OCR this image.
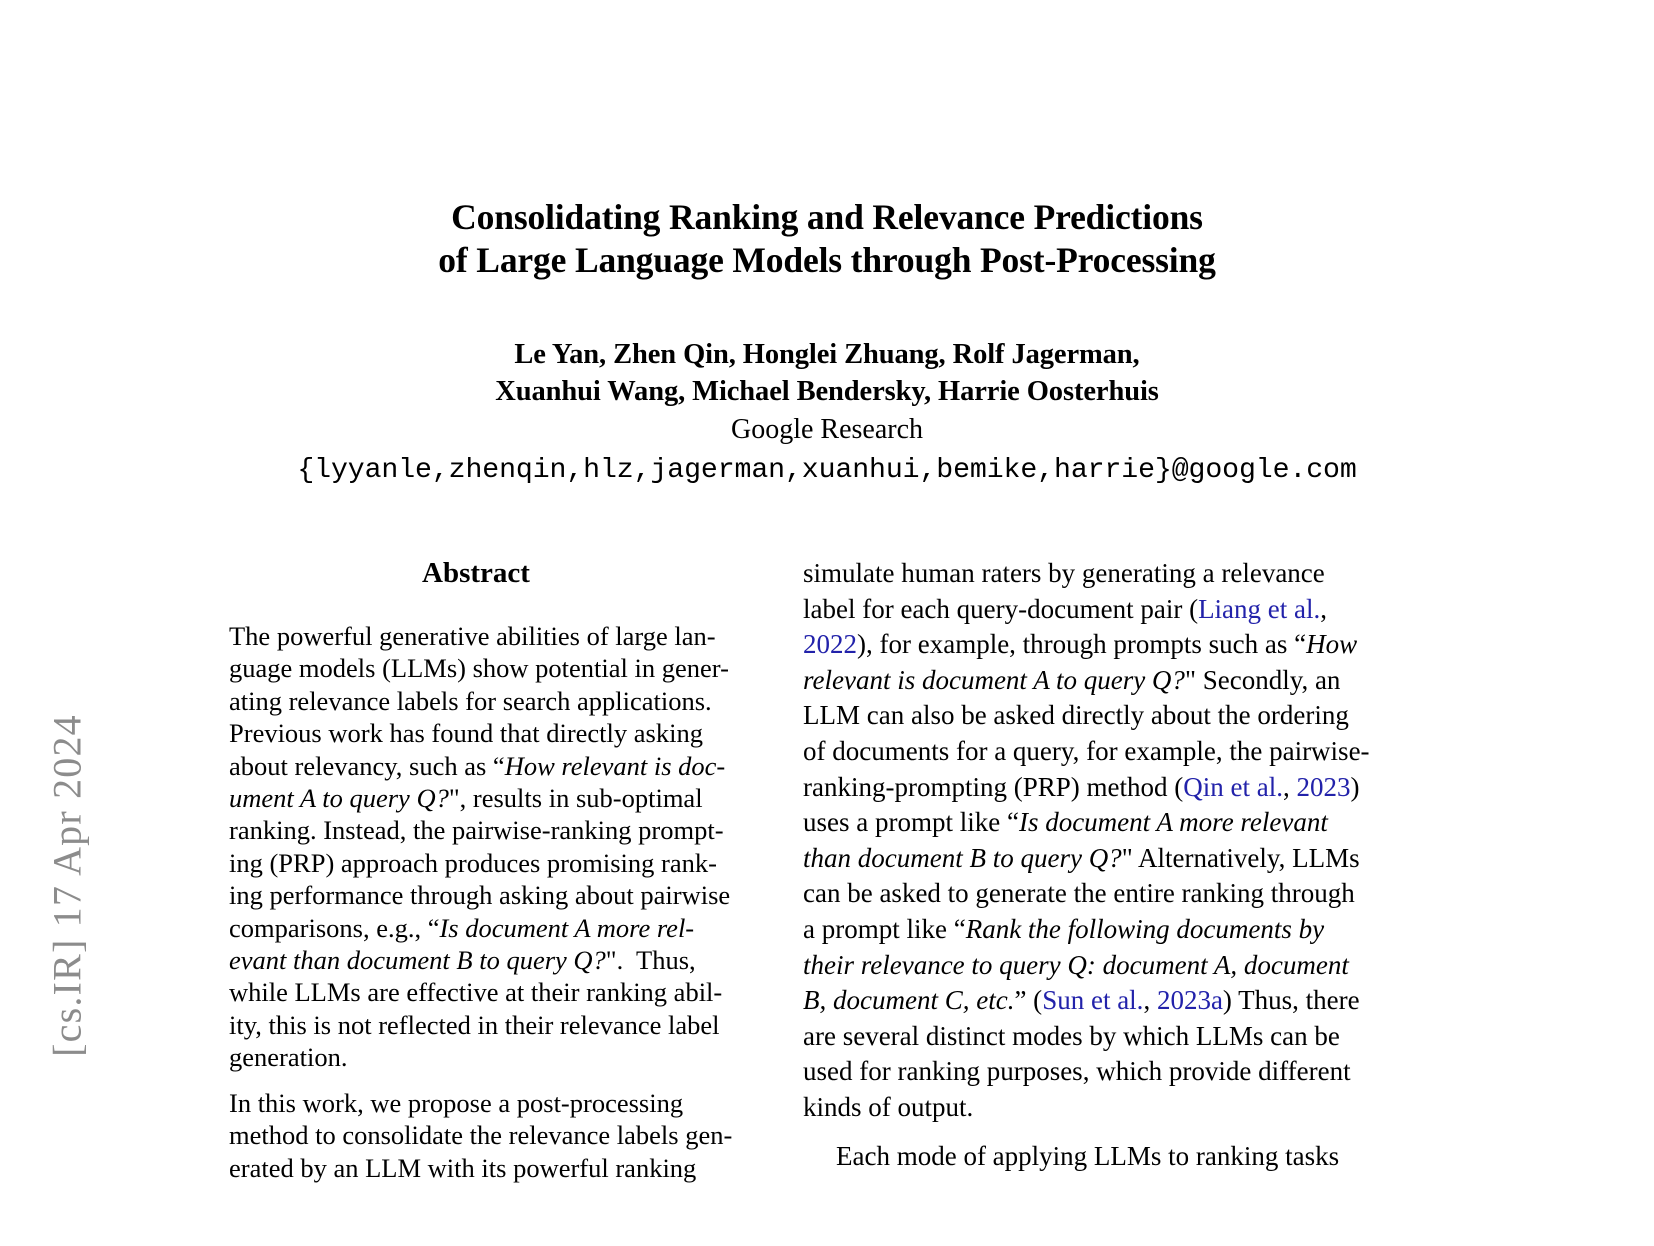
[cs.IR] 17 Apr 2024
Consolidating Ranking and Relevance Predictions
of Large Language Models through Post-Processing
Le Yan, Zhen Qin, Honglei Zhuang, Rolf Jagerman,
Xuanhui Wang, Michael Bendersky, Harrie Oosterhuis
Google Research
{lyyanle,zhenqin,hlz,jagerman,xuanhui,bemike,harrie}@google.com
Abstract

The powerful generative abilities of large lan-
guage models (LLMs) show potential in gener-
ating relevance labels for search applications.
Previous work has found that directly asking
about relevancy, such as “How relevant is doc-
ument A to query Q?", results in sub-optimal
ranking. Instead, the pairwise-ranking prompt-
ing (PRP) approach produces promising rank-
ing performance through asking about pairwise
comparisons, e.g., “Is document A more rel-
evant than document B to query Q?".  Thus,
while LLMs are effective at their ranking abil-
ity, this is not reflected in their relevance label
generation.

In this work, we propose a post-processing
method to consolidate the relevance labels gen-
erated by an LLM with its powerful ranking

simulate human raters by generating a relevance
label for each query-document pair (Liang et al.,
2022), for example, through prompts such as “How
relevant is document A to query Q?" Secondly, an
LLM can also be asked directly about the ordering
of documents for a query, for example, the pairwise-
ranking-prompting (PRP) method (Qin et al., 2023)
uses a prompt like “Is document A more relevant
than document B to query Q?" Alternatively, LLMs
can be asked to generate the entire ranking through
a prompt like “Rank the following documents by
their relevance to query Q: document A, document
B, document C, etc.” (Sun et al., 2023a) Thus, there
are several distinct modes by which LLMs can be
used for ranking purposes, which provide different
kinds of output.

Each mode of applying LLMs to ranking tasks
